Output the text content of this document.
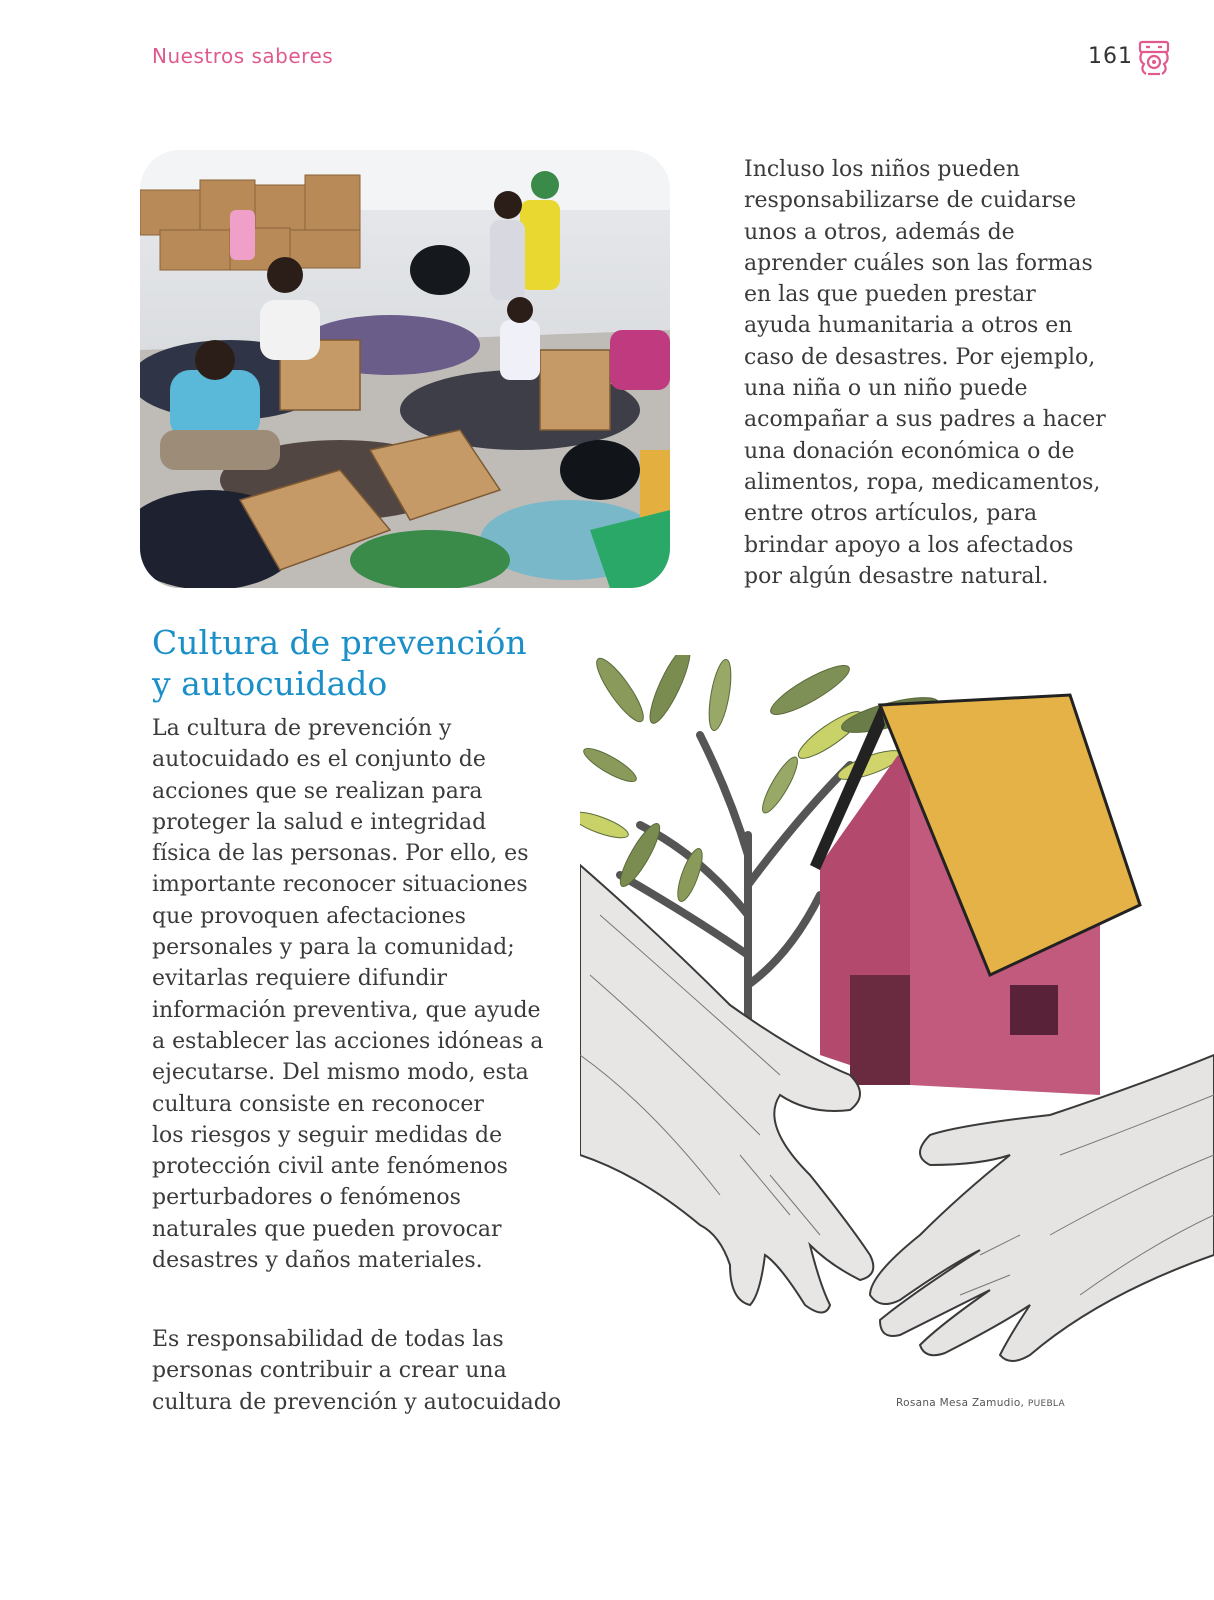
Nuestros saberes	161

Incluso los niños pueden
responsabilizarse de cuidarse
unos a otros, además de
aprender cuáles son las formas
en las que pueden prestar
ayuda humanitaria a otros en
caso de desastres. Por ejemplo,
una niña o un niño puede
acompañar a sus padres a hacer
una donación económica o de
alimentos, ropa, medicamentos,
entre otros artículos, para
brindar apoyo a los afectados
por algún desastre natural.

Cultura de prevención
y autocuidado

La cultura de prevención y
autocuidado es el conjunto de
acciones que se realizan para
proteger la salud e integridad
física de las personas. Por ello, es
importante reconocer situaciones
que provoquen afectaciones
personales y para la comunidad;
evitarlas requiere difundir
información preventiva, que ayude
a establecer las acciones idóneas a
ejecutarse. Del mismo modo, esta
cultura consiste en reconocer
los riesgos y seguir medidas de
protección civil ante fenómenos
perturbadores o fenómenos
naturales que pueden provocar
desastres y daños materiales.

Es responsabilidad de todas las
personas contribuir a crear una
cultura de prevención y autocuidado	Rosana Mesa Zamudio, PUEBLA
